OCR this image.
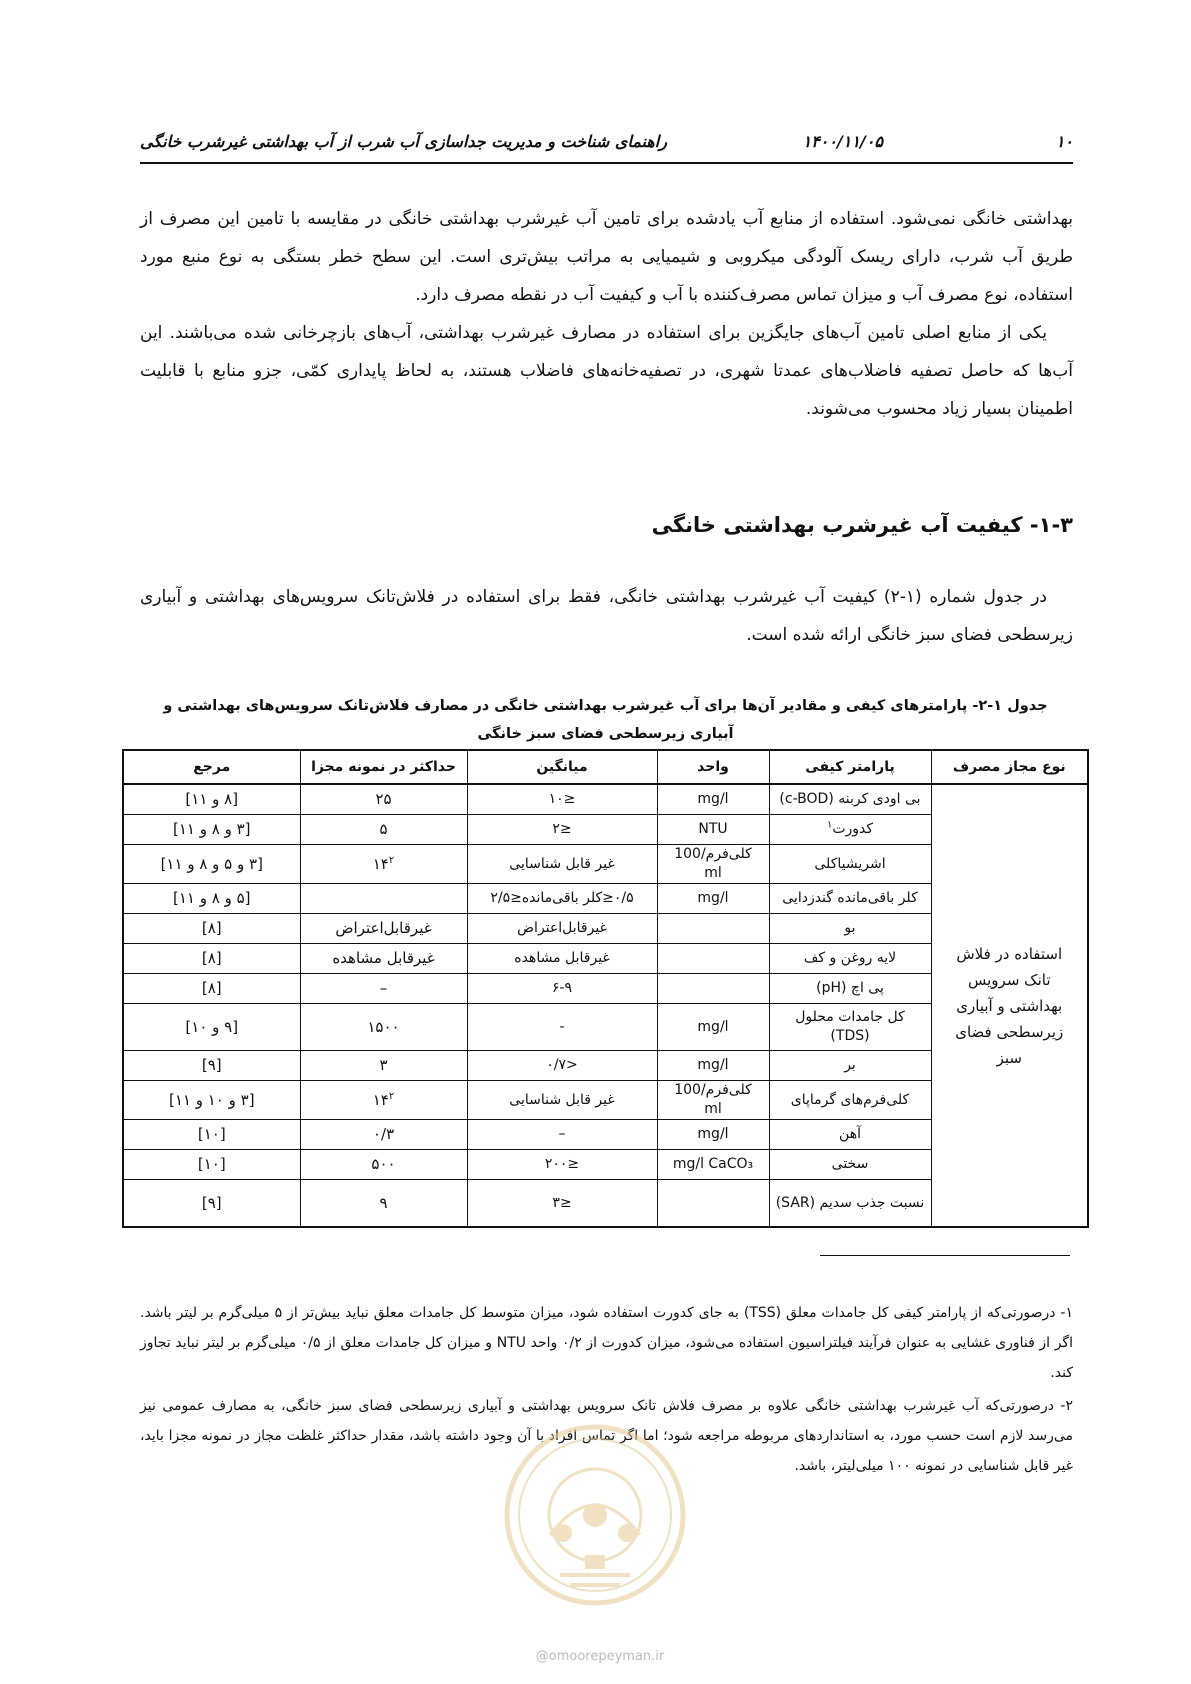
۱۰
۱۴۰۰/۱۱/۰۵
راهنمای شناخت و مدیریت جداسازی آب شرب از آب بهداشتی غیرشرب خانگی

بهداشتی خانگی نمی‌شود. استفاده از منابع آب یادشده برای تامین آب غیرشرب بهداشتی خانگی در مقایسه با تامین این مصرف از طریق آب شرب، دارای ریسک آلودگی میکروبی و شیمیایی به مراتب بیش‌تری است. این سطح خطر بستگی به نوع منبع مورد استفاده، نوع مصرف آب و میزان تماس مصرف‌کننده با آب و کیفیت آب در نقطه مصرف دارد.

یکی از منابع اصلی تامین آب‌های جایگزین برای استفاده در مصارف غیرشرب بهداشتی، آب‌های بازچرخانی شده می‌باشند. این آب‌ها که حاصل تصفیه فاضلاب‌های عمدتا شهری، در تصفیه‌خانه‌های فاضلاب هستند، به لحاظ پایداری کمّی، جزو منابع با قابلیت اطمینان بسیار زیاد محسوب می‌شوند.

۱-۳- کیفیت آب غیرشرب بهداشتی خانگی

در جدول شماره (۱-۲) کیفیت آب غیرشرب بهداشتی خانگی، فقط برای استفاده در فلاش‌تانک سرویس‌های بهداشتی و آبیاری زیرسطحی فضای سبز خانگی ارائه شده است.

جدول ۱-۲- پارامترهای کیفی و مقادیر آن‌ها برای آب غیرشرب بهداشتی خانگی در مصارف فلاش‌تانک سرویس‌های بهداشتی و آبیاری زیرسطحی فضای سبز خانگی
نوع مجاز مصرف	پارامتر کیفی	واحد	میانگین	حداکثر در نمونه مجزا	مرجع
استفاده در فلاش تانک سرویس بهداشتی و آبیاری زیرسطحی فضای سبز	بی اودی کربنه (c-BOD)	mg/l	≤۱۰	۲۵	[۸ و ۱۱]
	کدورت$^۱$	NTU	≤۲	۵	[۳ و ۸ و ۱۱]
	اشریشیاکلی	کلی‌فرم/100 ml	غیر قابل شناسایی	$۱۴^۲$	[۳ و ۵ و ۸ و ۱۱]
	کلر باقی‌مانده گندزدایی	mg/l	۰/۵≤کلر باقی‌مانده≤۲/۵		[۵ و ۸ و ۱۱]
	بو		غیرقابل‌اعتراض	غیرقابل‌اعتراض	[۸]
	لایه روغن و کف		غیرقابل مشاهده	غیرقابل مشاهده	[۸]
	پی اچ (pH)		۶-۹	–	[۸]
	کل جامدات محلول (TDS)	mg/l	-	۱۵۰۰	[۹ و ۱۰]
	بر	mg/l	<۰/۷	۳	[۹]
	کلی‌فرم‌های گرماپای	کلی‌فرم/100 ml	غیر قابل شناسایی	$۱۴^۲$	[۳ و ۱۰ و ۱۱]
	آهن	mg/l	–	۰/۳	[۱۰]
	سختی	mg/l CaCO₃	≤۲۰۰	۵۰۰	[۱۰]
	نسبت جذب سدیم (SAR)		≤۳	۹	[۹]

۱- درصورتی‌که از پارامتر کیفی کل جامدات معلق (TSS) به جای کدورت استفاده شود، میزان متوسط کل جامدات معلق نباید بیش‌تر از ۵ میلی‌گرم بر لیتر باشد. اگر از فناوری غشایی به عنوان فرآیند فیلتراسیون استفاده می‌شود، میزان کدورت از ۰/۲ واحد NTU و میزان کل جامدات معلق از ۰/۵ میلی‌گرم بر لیتر نباید تجاوز کند.

۲- درصورتی‌که آب غیرشرب بهداشتی خانگی علاوه بر مصرف فلاش تانک سرویس بهداشتی و آبیاری زیرسطحی فضای سبز خانگی، به مصارف عمومی نیز می‌رسد لازم است حسب مورد، به استانداردهای مربوطه مراجعه شود؛ اما اگر تماس افراد با آن وجود داشته باشد، مقدار حداکثر غلظت مجاز در نمونه مجزا باید، غیر قابل شناسایی در نمونه ۱۰۰ میلی‌لیتر، باشد.

@omoorepeyman.ir
